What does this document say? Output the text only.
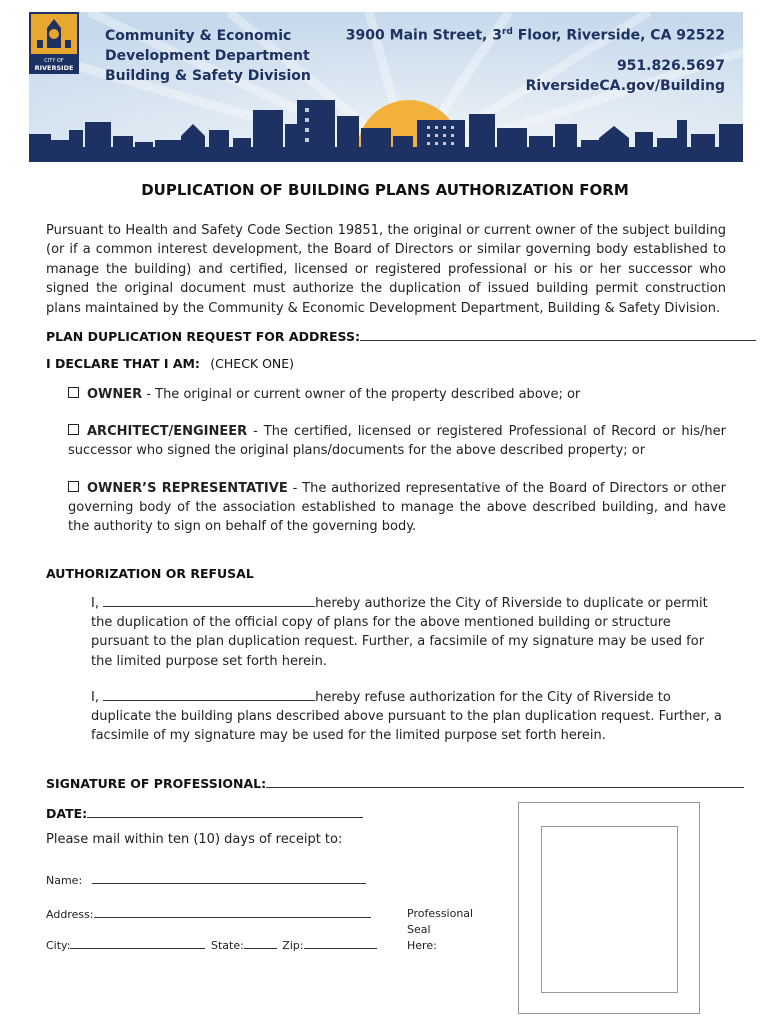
CITY OF
RIVERSIDE
Community & Economic
Development Department
Building & Safety Division
3900 Main Street, 3rd Floor, Riverside, CA 92522
951.826.5697
RiversideCA.gov/Building
DUPLICATION OF BUILDING PLANS AUTHORIZATION FORM
Pursuant to Health and Safety Code Section 19851, the original or current owner of the subject building (or if a common interest development, the Board of Directors or similar governing body established to manage the building) and certified, licensed or registered professional or his or her successor who signed the original document must authorize the duplication of issued building permit construction plans maintained by the Community & Economic Development Department, Building & Safety Division.
PLAN DUPLICATION REQUEST FOR ADDRESS:
I DECLARE THAT I AM: (CHECK ONE)
OWNER - The original or current owner of the property described above; or
ARCHITECT/ENGINEER - The certified, licensed or registered Professional of Record or his/her successor who signed the original plans/documents for the above described property; or
OWNER’S REPRESENTATIVE - The authorized representative of the Board of Directors or other governing body of the association established to manage the above described building, and have the authority to sign on behalf of the governing body.
AUTHORIZATION OR REFUSAL
I,	hereby authorize the City of Riverside to duplicate or permit the duplication of the official copy of plans for the above mentioned building or structure pursuant to the plan duplication request. Further, a facsimile of my signature may be used for the limited purpose set forth herein.
I,	hereby refuse authorization for the City of Riverside to duplicate the building plans described above pursuant to the plan duplication request. Further, a facsimile of my signature may be used for the limited purpose set forth herein.
SIGNATURE OF PROFESSIONAL:
DATE:
Please mail within ten (10) days of receipt to:
Name:
Address:
City:	State:	Zip:
Professional
Seal
Here:
